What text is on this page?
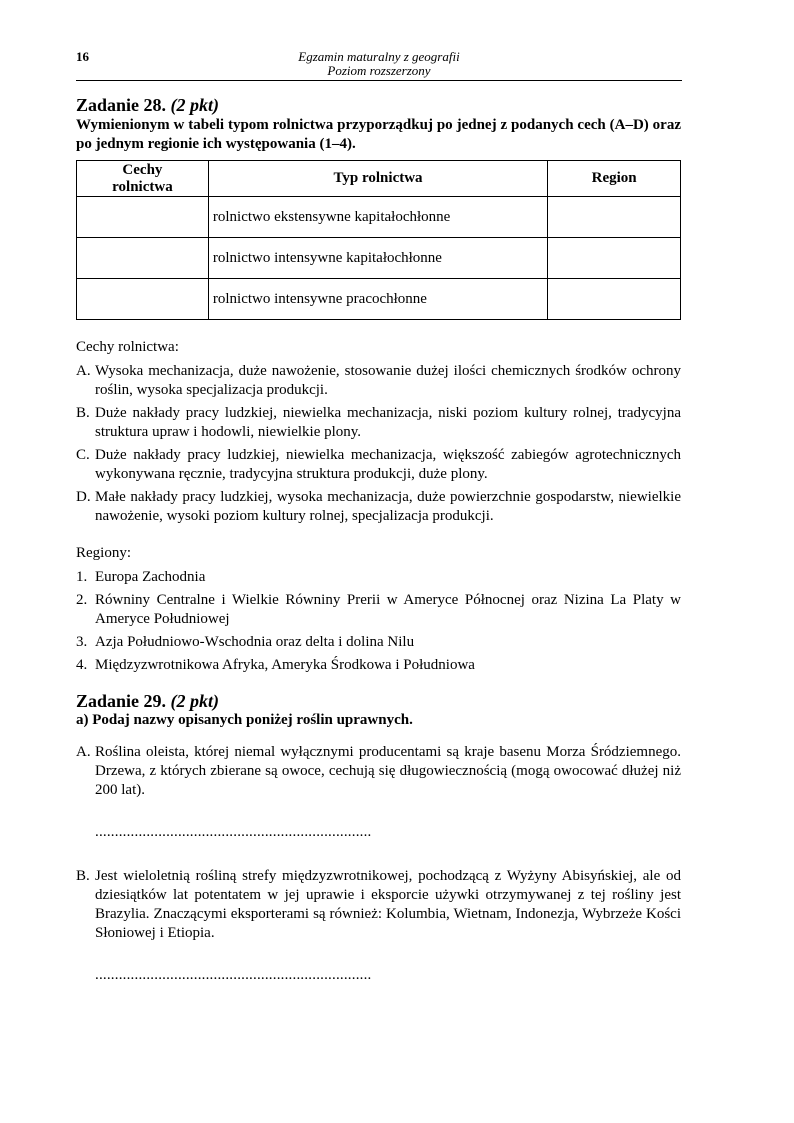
16	Egzamin maturalny z geografii
Poziom rozszerzony
Zadanie 28. (2 pkt)
Wymienionym w tabeli typom rolnictwa przyporządkuj po jednej z podanych cech (A–D) oraz po jednym regionie ich występowania (1–4).
Cechy rolnictwa	Typ rolnictwa	Region
	rolnictwo ekstensywne kapitałochłonne	
	rolnictwo intensywne kapitałochłonne	
	rolnictwo intensywne pracochłonne	
Cechy rolnictwa:
A. Wysoka mechanizacja, duże nawożenie, stosowanie dużej ilości chemicznych środków ochrony roślin, wysoka specjalizacja produkcji.
B. Duże nakłady pracy ludzkiej, niewielka mechanizacja, niski poziom kultury rolnej, tradycyjna struktura upraw i hodowli, niewielkie plony.
C. Duże nakłady pracy ludzkiej, niewielka mechanizacja, większość zabiegów agrotechnicznych wykonywana ręcznie, tradycyjna struktura produkcji, duże plony.
D. Małe nakłady pracy ludzkiej, wysoka mechanizacja, duże powierzchnie gospodarstw, niewielkie nawożenie, wysoki poziom kultury rolnej, specjalizacja produkcji.
Regiony:
1. Europa Zachodnia
2. Równiny Centralne i Wielkie Równiny Prerii w Ameryce Północnej oraz Nizina La Platy w Ameryce Południowej
3. Azja Południowo-Wschodnia oraz delta i dolina Nilu
4. Międzyzwrotnikowa Afryka, Ameryka Środkowa i Południowa
Zadanie 29. (2 pkt)
a) Podaj nazwy opisanych poniżej roślin uprawnych.
A. Roślina oleista, której niemal wyłącznymi producentami są kraje basenu Morza Śródziemnego. Drzewa, z których zbierane są owoce, cechują się długowiecznością (mogą owocować dłużej niż 200 lat).
......................................................................
B. Jest wieloletnią rośliną strefy międzyzwrotnikowej, pochodzącą z Wyżyny Abisyńskiej, ale od dziesiątków lat potentatem w jej uprawie i eksporcie używki otrzymywanej z tej rośliny jest Brazylia. Znaczącymi eksporterami są również: Kolumbia, Wietnam, Indonezja, Wybrzeże Kości Słoniowej i Etiopia.
......................................................................
